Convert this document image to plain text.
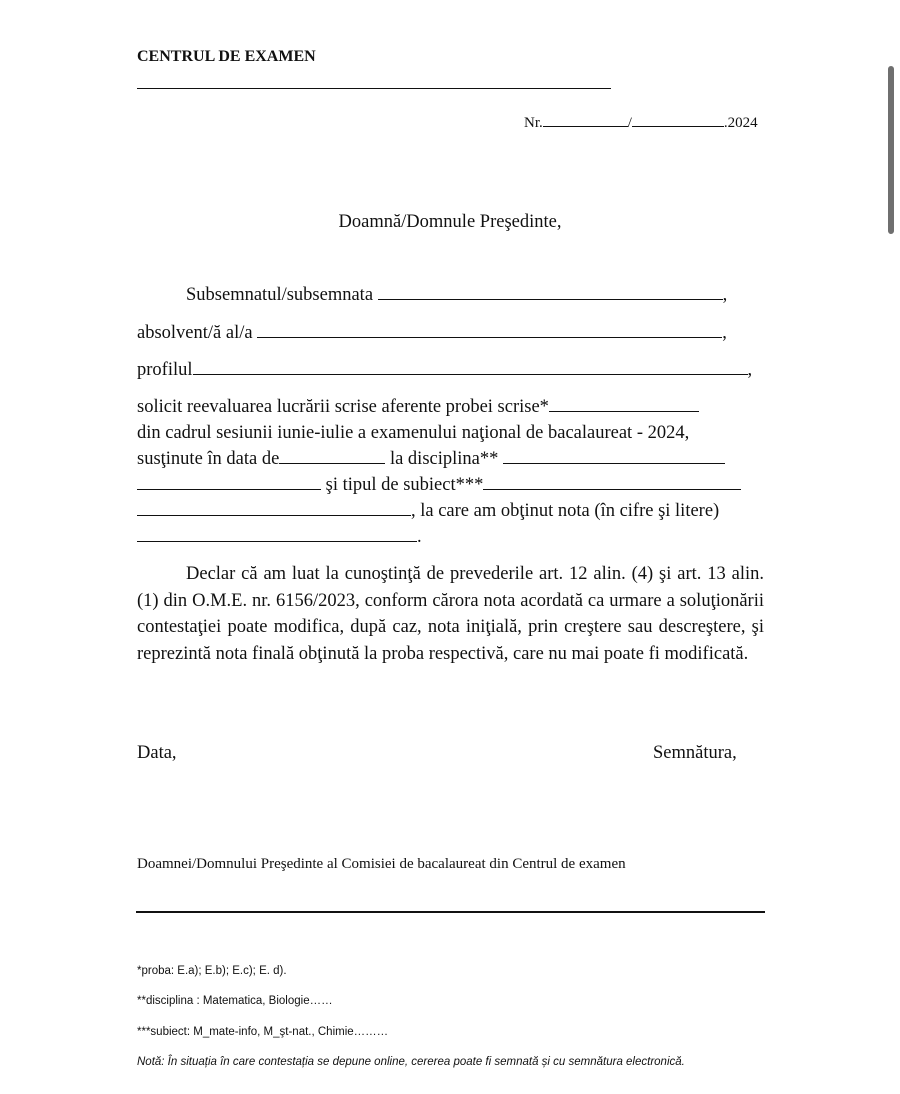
CENTRUL DE EXAMEN
Nr.	/	.2024
Doamnă/Domnule Preşedinte,
Subsemnatul/subsemnata	,
absolvent/ă al/a	,
profilul	,
solicit reevaluarea lucrării scrise aferente probei scrise*
din cadrul sesiunii iunie-iulie a examenului naţional de bacalaureat - 2024,
susţinute în data de	la disciplina**
şi tipul de subiect***
, la care am obţinut nota (în cifre şi litere)
.
Declar că am luat la cunoştinţă de prevederile art. 12 alin. (4) şi art. 13 alin. (1) din O.M.E. nr. 6156/2023, conform cărora nota acordată ca urmare a soluţionării contestaţiei poate modifica, după caz, nota iniţială, prin creştere sau descreştere, şi reprezintă nota finală obţinută la proba respectivă, care nu mai poate fi modificată.
Data,	Semnătura,
Doamnei/Domnului Preşedinte al Comisiei de bacalaureat din Centrul de examen
*proba: E.a); E.b); E.c); E. d).
**disciplina : Matematica, Biologie……
***subiect: M_mate-info, M_şt-nat., Chimie………
Notă: În situația în care contestația se depune online, cererea poate fi semnată și cu semnătura electronică.
